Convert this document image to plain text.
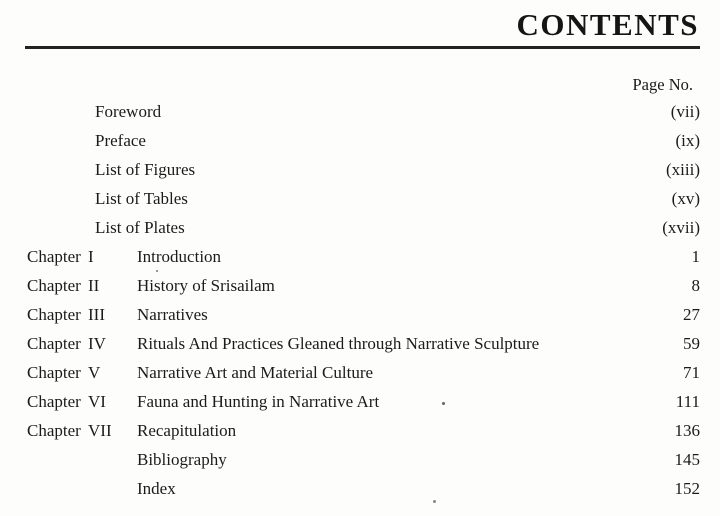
CONTENTS
Page No.
Foreword	(vii)
Preface	(ix)
List of Figures	(xiii)
List of Tables	(xv)
List of Plates	(xvii)
Chapter I	Introduction	1
Chapter II History of Srisailam	8
Chapter III Narratives	27
Chapter IV Rituals And Practices Gleaned through Narrative Sculpture	59
Chapter V Narrative Art and Material Culture	71
Chapter VI Fauna and Hunting in Narrative Art	111
Chapter VII Recapitulation	136
Bibliography	145
Index	152
